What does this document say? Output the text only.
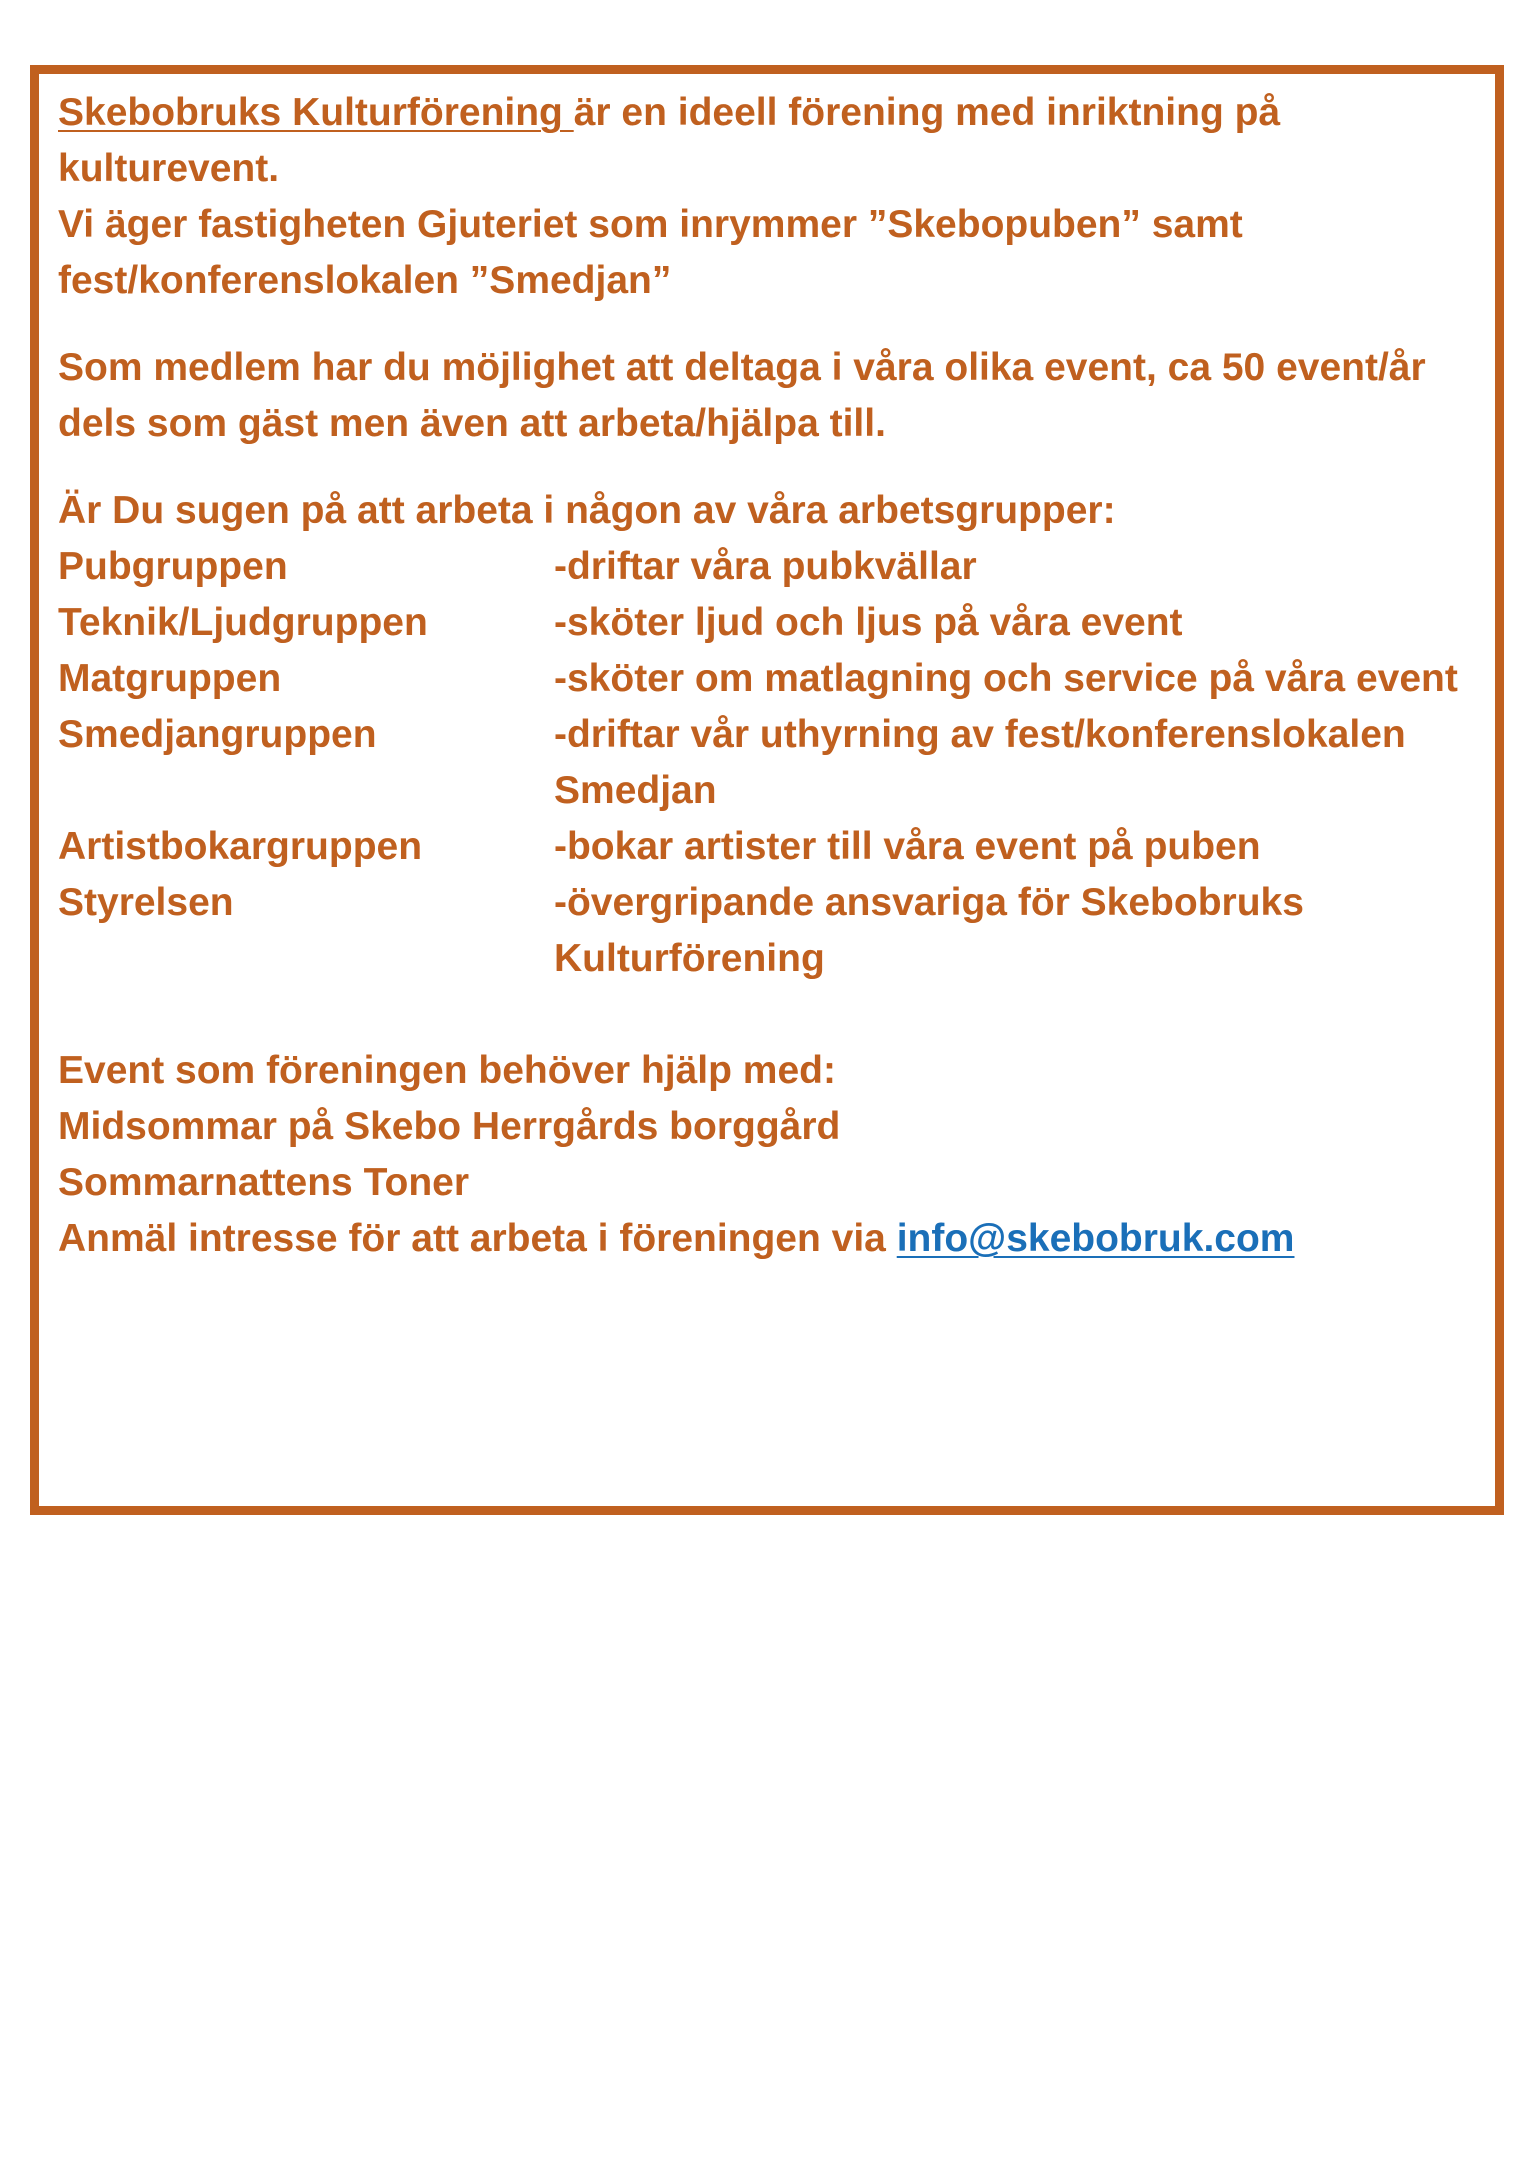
Skebobruks Kulturförening är en ideell förening med inriktning på

kulturevent.

Vi äger fastigheten Gjuteriet som inrymmer ”Skebopuben” samt

fest/konferenslokalen ”Smedjan”

Som medlem har du möjlighet att deltaga i våra olika event, ca 50 event/år

dels som gäst men även att arbeta/hjälpa till.

Är Du sugen på att arbeta i någon av våra arbetsgrupper:

Pubgruppen	-driftar våra pubkvällar
Teknik/Ljudgruppen	-sköter ljud och ljus på våra event
Matgruppen	-sköter om matlagning och service på våra event
Smedjangruppen	-driftar vår uthyrning av fest/konferenslokalen
Smedjan
Artistbokargruppen	-bokar artister till våra event på puben
Styrelsen	-övergripande ansvariga för Skebobruks
Kulturförening

Event som föreningen behöver hjälp med:

Midsommar på Skebo Herrgårds borggård

Sommarnattens Toner

Anmäl intresse för att arbeta i föreningen via info@skebobruk.com
